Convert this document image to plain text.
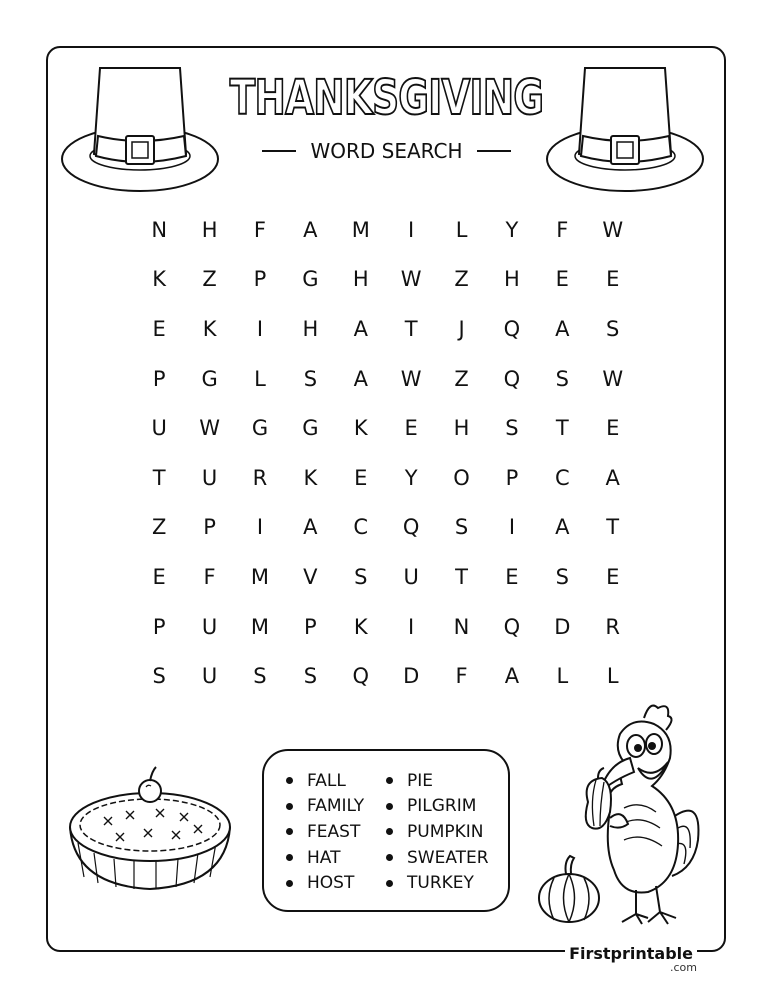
THANKSGIVING
WORD SEARCH
N	H	F	A	M	I	L	Y	F	W
K	Z	P	G	H	W	Z	H	E	E
E	K	I	H	A	T	J	Q	A	S
P	G	L	S	A	W	Z	Q	S	W
U	W	G	G	K	E	H	S	T	E
T	U	R	K	E	Y	O	P	C	A
Z	P	I	A	C	Q	S	I	A	T
E	F	M	V	S	U	T	E	S	E
P	U	M	P	K	I	N	Q	D	R
S	U	S	S	Q	D	F	A	L	L
FALL
FAMILY
FEAST
HAT
HOST
PIE
PILGRIM
PUMPKIN
SWEATER
TURKEY
Firstprintable
.com
